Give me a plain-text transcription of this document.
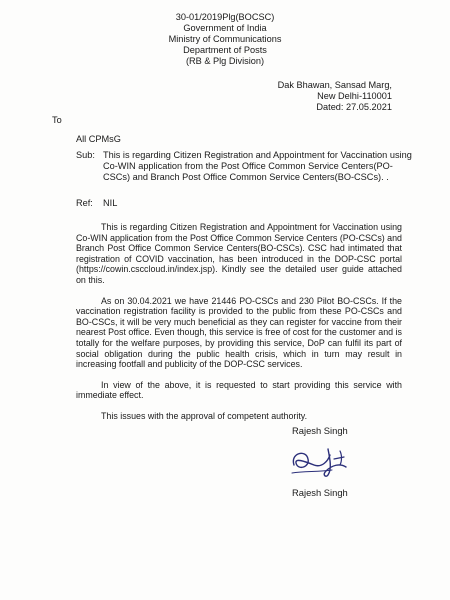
30-01/2019Plg(BOCSC)
Government of India
Ministry of Communications
Department of Posts
(RB & Plg Division)
Dak Bhawan, Sansad Marg,
New Delhi-110001
Dated: 27.05.2021
To
All CPMsG
Sub: This is regarding Citizen Registration and Appointment for Vaccination using Co-WIN application from the Post Office Common Service Centers(PO-CSCs) and Branch Post Office Common Service Centers(BO-CSCs). .
Ref:	NIL

This is regarding Citizen Registration and Appointment for Vaccination using Co-WIN application from the Post Office Common Service Centers (PO-CSCs) and Branch Post Office Common Service Centers(BO-CSCs). CSC had intimated that registration of COVID vaccination, has been introduced in the DOP-CSC portal (https://cowin.csccloud.in/index.jsp). Kindly see the detailed user guide attached on this.

As on 30.04.2021 we have 21446 PO-CSCs and 230 Pilot BO-CSCs. If the vaccination registration facility is provided to the public from these PO-CSCs and BO-CSCs, it will be very much beneficial as they can register for vaccine from their nearest Post office. Even though, this service is free of cost for the customer and is totally for the welfare purposes, by providing this service, DoP can fulfil its part of social obligation during the public health crisis, which in turn may result in increasing footfall and publicity of the DOP-CSC services.

In view of the above, it is requested to start providing this service with immediate effect.

This issues with the approval of competent authority.

Rajesh Singh
Rajesh Singh
